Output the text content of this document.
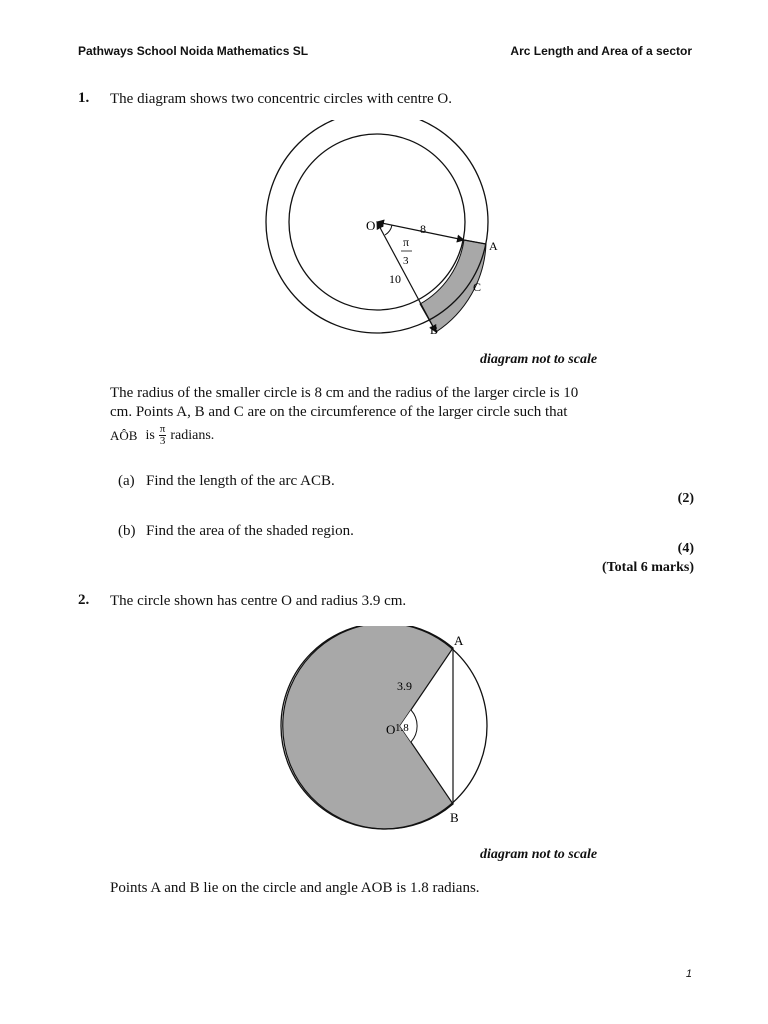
Pathways School Noida Mathematics SL	Arc Length and Area of a sector
1. The diagram shows two concentric circles with centre O.
O	8
π
3
10
A
C
B
diagram not to scale
The radius of the smaller circle is 8 cm and the radius of the larger circle is 10
cm. Points A, B and C are on the circumference of the larger circle such that
AÔB is $\frac{\pi}{3}$ radians.
(a) Find the length of the arc ACB.
(2)
(b) Find the area of the shaded region.
(4)
(Total 6 marks)
2. The circle shown has centre O and radius 3.9 cm.
A
B
O
3.9
1.8
diagram not to scale
Points A and B lie on the circle and angle AOB is 1.8 radians.
1
